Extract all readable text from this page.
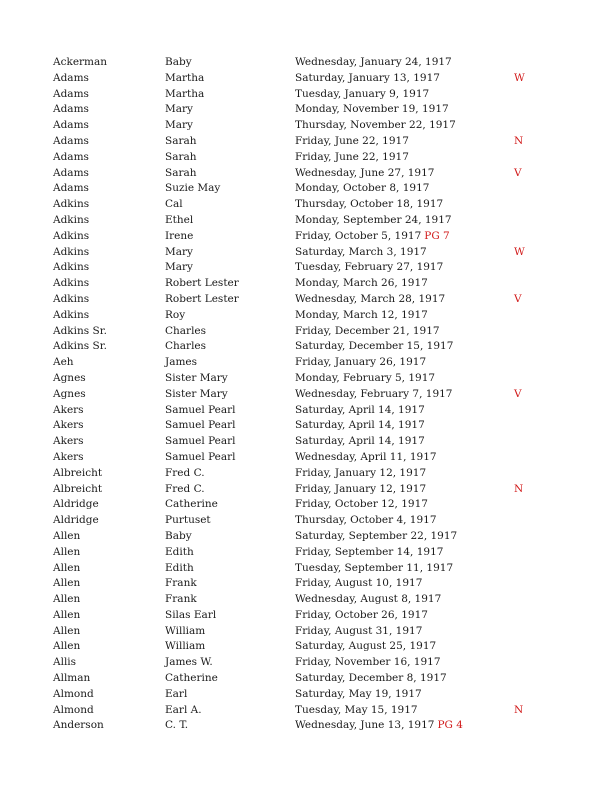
Ackerman	Baby	Wednesday, January 24, 1917
Adams	Martha	Saturday, January 13, 1917	W
Adams	Martha	Tuesday, January 9, 1917
Adams	Mary	Monday, November 19, 1917
Adams	Mary	Thursday, November 22, 1917
Adams	Sarah	Friday, June 22, 1917	N
Adams	Sarah	Friday, June 22, 1917
Adams	Sarah	Wednesday, June 27, 1917	V
Adams	Suzie May	Monday, October 8, 1917
Adkins	Cal	Thursday, October 18, 1917
Adkins	Ethel	Monday, September 24, 1917
Adkins	Irene	Friday, October 5, 1917 PG 7
Adkins	Mary	Saturday, March 3, 1917	W
Adkins	Mary	Tuesday, February 27, 1917
Adkins	Robert Lester	Monday, March 26, 1917
Adkins	Robert Lester	Wednesday, March 28, 1917	V
Adkins	Roy	Monday, March 12, 1917
Adkins Sr.	Charles	Friday, December 21, 1917
Adkins Sr.	Charles	Saturday, December 15, 1917
Aeh	James	Friday, January 26, 1917
Agnes	Sister Mary	Monday, February 5, 1917
Agnes	Sister Mary	Wednesday, February 7, 1917	V
Akers	Samuel Pearl	Saturday, April 14, 1917
Akers	Samuel Pearl	Saturday, April 14, 1917
Akers	Samuel Pearl	Saturday, April 14, 1917
Akers	Samuel Pearl	Wednesday, April 11, 1917
Albreicht	Fred C.	Friday, January 12, 1917
Albreicht	Fred C.	Friday, January 12, 1917	N
Aldridge	Catherine	Friday, October 12, 1917
Aldridge	Purtuset	Thursday, October 4, 1917
Allen	Baby	Saturday, September 22, 1917
Allen	Edith	Friday, September 14, 1917
Allen	Edith	Tuesday, September 11, 1917
Allen	Frank	Friday, August 10, 1917
Allen	Frank	Wednesday, August 8, 1917
Allen	Silas Earl	Friday, October 26, 1917
Allen	William	Friday, August 31, 1917
Allen	William	Saturday, August 25, 1917
Allis	James W.	Friday, November 16, 1917
Allman	Catherine	Saturday, December 8, 1917
Almond	Earl	Saturday, May 19, 1917
Almond	Earl A.	Tuesday, May 15, 1917	N
Anderson	C. T.	Wednesday, June 13, 1917 PG 4
